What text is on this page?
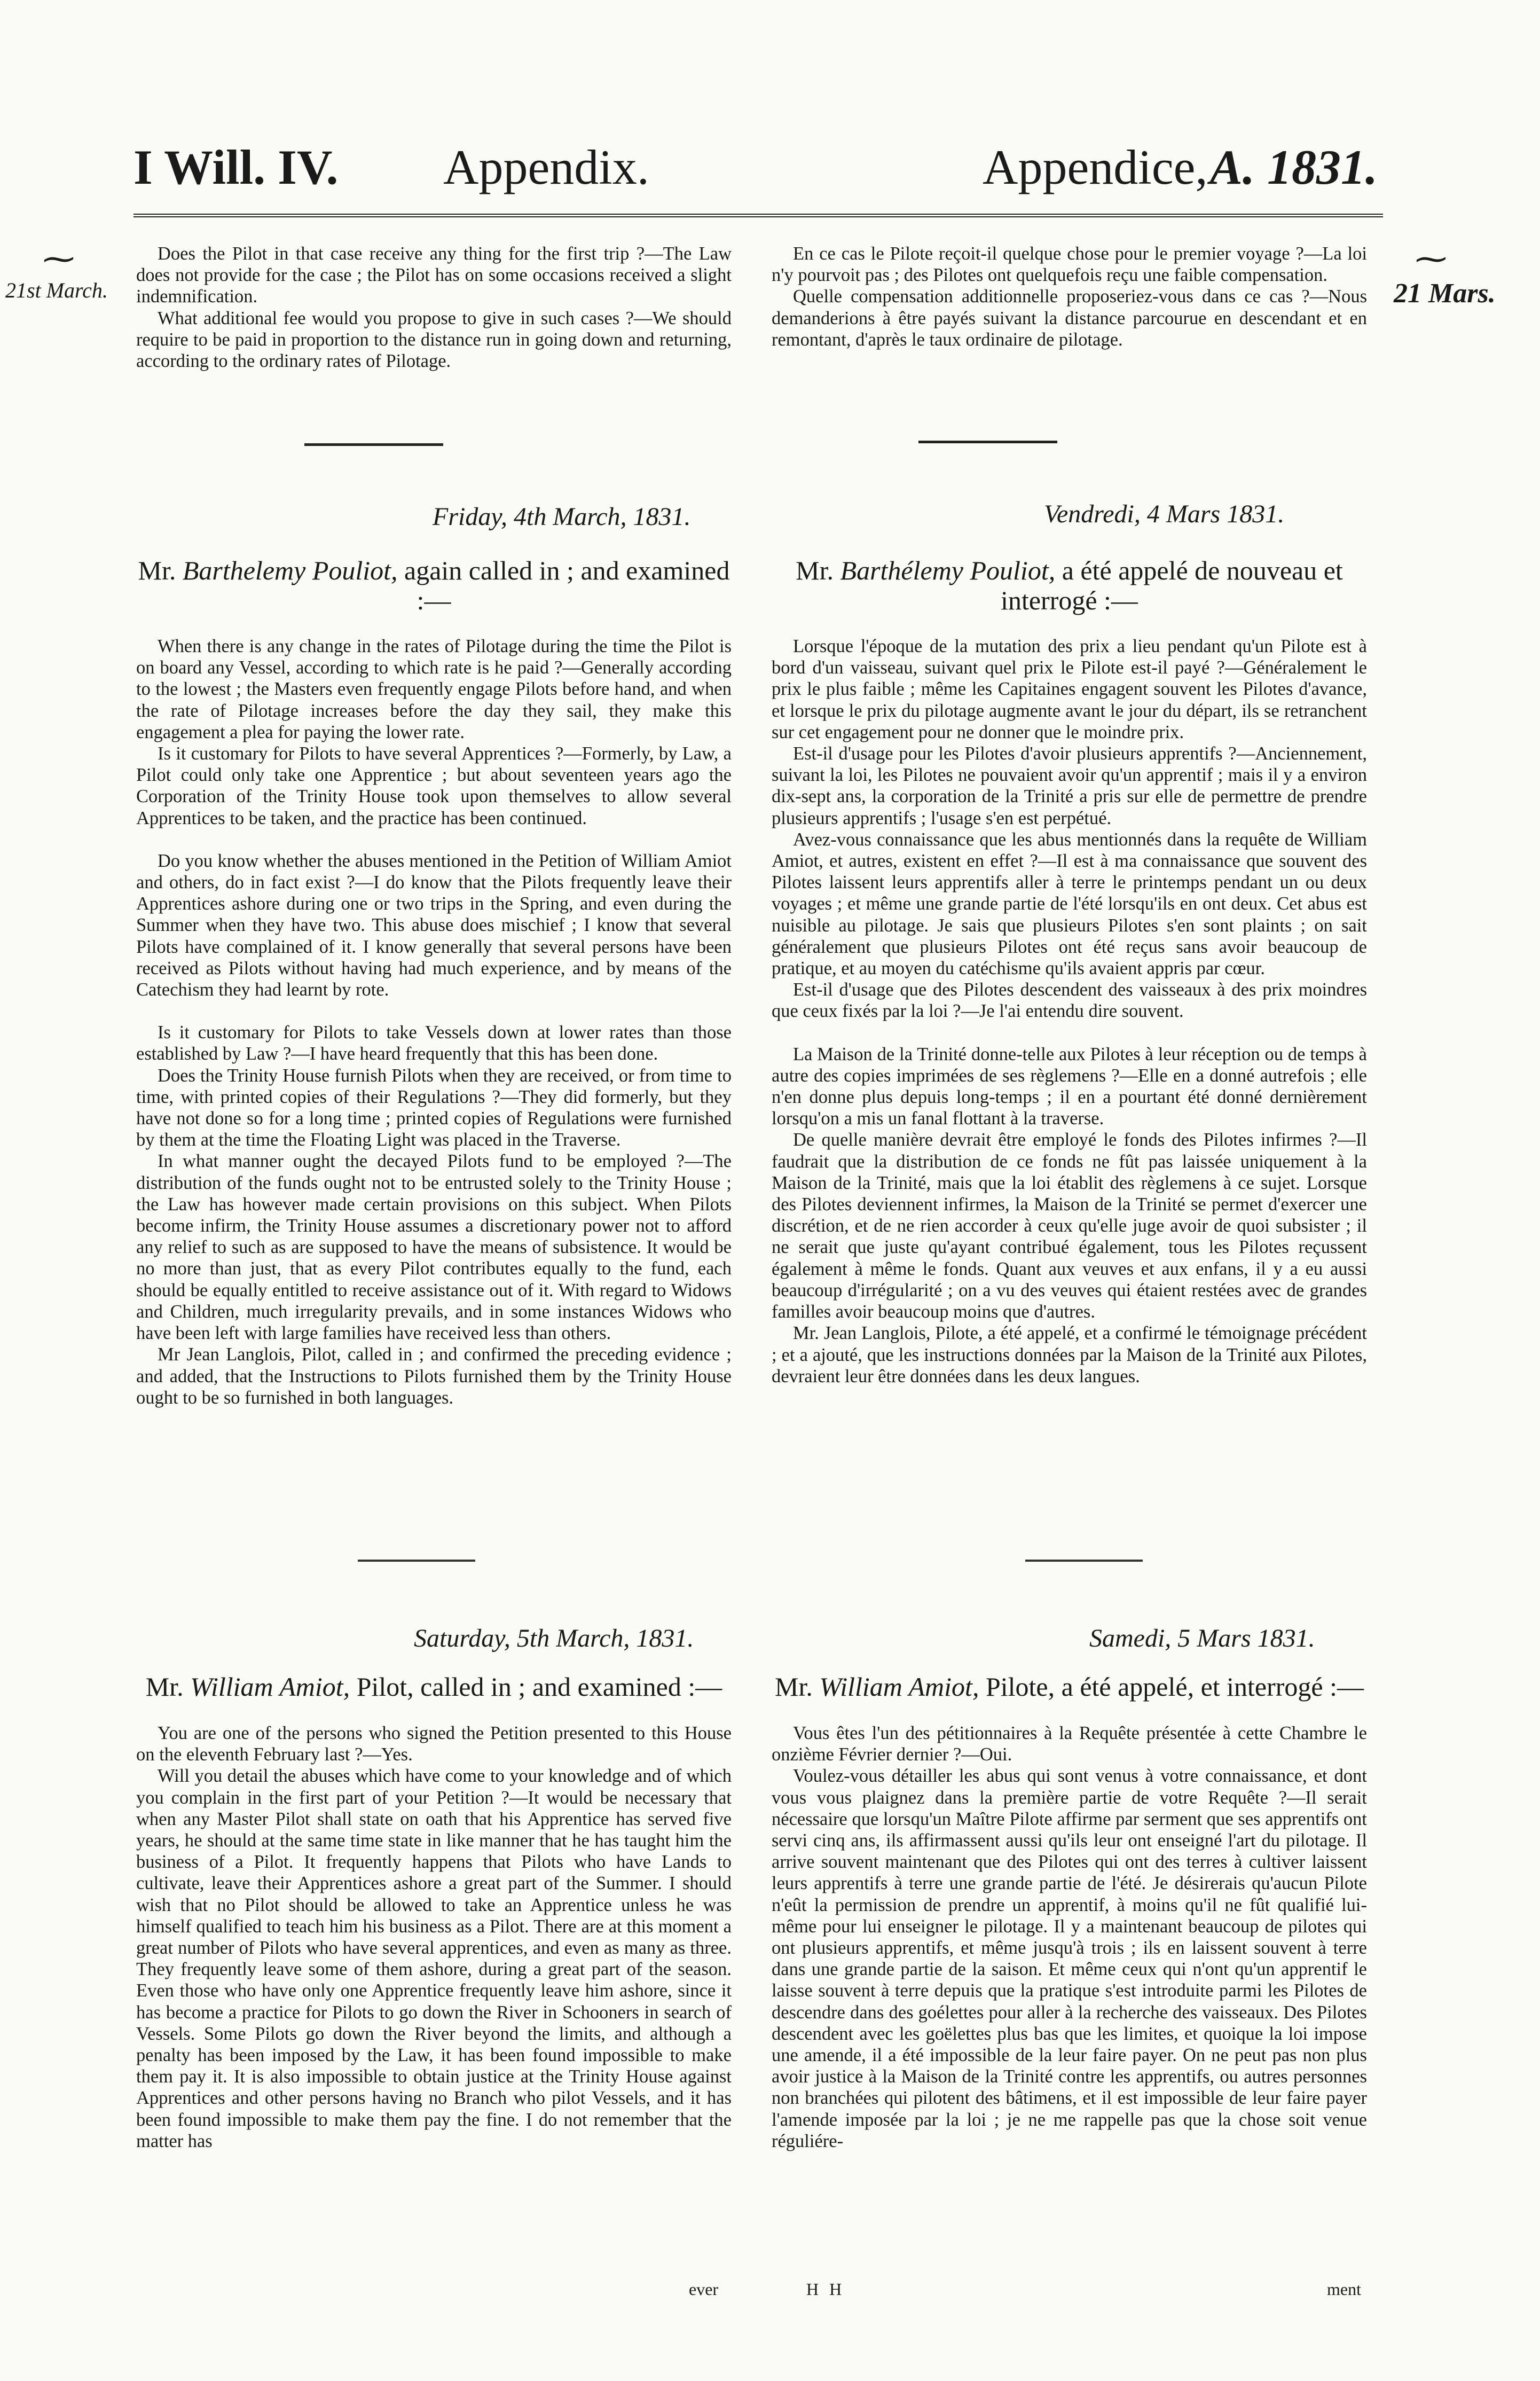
I Will. IV. Appendix.	Appendice, A. 1831.
⁓	⁓
21st March.	21 Mars.

Does the Pilot in that case receive any thing for the first trip ?—The Law does not provide for the case ; the Pilot has on some occasions received a slight indemnification.

What additional fee would you propose to give in such cases ?—We should require to be paid in proportion to the distance run in going down and returning, according to the ordinary rates of Pilotage.

En ce cas le Pilote reçoit-il quelque chose pour le premier voyage ?—La loi n'y pourvoit pas ; des Pilotes ont quelquefois reçu une faible compensation.

Quelle compensation additionnelle proposeriez-vous dans ce cas ?—Nous demanderions à être payés suivant la distance parcourue en descendant et en remontant, d'après le taux ordinaire de pilotage.

Friday, 4th March, 1831.	Vendredi, 4 Mars 1831.
Mr. Barthelemy Pouliot, again called in ; and examined :—
Mr. Barthélemy Pouliot, a été appelé de nouveau et interrogé :—

When there is any change in the rates of Pilotage during the time the Pilot is on board any Vessel, according to which rate is he paid ?—Generally according to the lowest ; the Masters even frequently engage Pilots before hand, and when the rate of Pilotage increases before the day they sail, they make this engagement a plea for paying the lower rate.

Is it customary for Pilots to have several Apprentices ?—Formerly, by Law, a Pilot could only take one Apprentice ; but about seventeen years ago the Corporation of the Trinity House took upon themselves to allow several Apprentices to be taken, and the practice has been continued.

Do you know whether the abuses mentioned in the Petition of William Amiot and others, do in fact exist ?—I do know that the Pilots frequently leave their Apprentices ashore during one or two trips in the Spring, and even during the Summer when they have two. This abuse does mischief ; I know that several Pilots have complained of it. I know generally that several persons have been received as Pilots without having had much experience, and by means of the Catechism they had learnt by rote.

Is it customary for Pilots to take Vessels down at lower rates than those established by Law ?—I have heard frequently that this has been done.

Does the Trinity House furnish Pilots when they are received, or from time to time, with printed copies of their Regulations ?—They did formerly, but they have not done so for a long time ; printed copies of Regulations were furnished by them at the time the Floating Light was placed in the Traverse.

In what manner ought the decayed Pilots fund to be employed ?—The distribution of the funds ought not to be entrusted solely to the Trinity House ; the Law has however made certain provisions on this subject. When Pilots become infirm, the Trinity House assumes a discretionary power not to afford any relief to such as are supposed to have the means of subsistence. It would be no more than just, that as every Pilot contributes equally to the fund, each should be equally entitled to receive assistance out of it. With regard to Widows and Children, much irregularity prevails, and in some instances Widows who have been left with large families have received less than others.

Mr Jean Langlois, Pilot, called in ; and confirmed the preceding evidence ; and added, that the Instructions to Pilots furnished them by the Trinity House ought to be so furnished in both languages.

Lorsque l'époque de la mutation des prix a lieu pendant qu'un Pilote est à bord d'un vaisseau, suivant quel prix le Pilote est-il payé ?—Généralement le prix le plus faible ; même les Capitaines engagent souvent les Pilotes d'avance, et lorsque le prix du pilotage augmente avant le jour du départ, ils se retranchent sur cet engagement pour ne donner que le moindre prix.

Est-il d'usage pour les Pilotes d'avoir plusieurs apprentifs ?—Anciennement, suivant la loi, les Pilotes ne pouvaient avoir qu'un apprentif ; mais il y a environ dix-sept ans, la corporation de la Trinité a pris sur elle de permettre de prendre plusieurs apprentifs ; l'usage s'en est perpétué.

Avez-vous connaissance que les abus mentionnés dans la requête de William Amiot, et autres, existent en effet ?—Il est à ma connaissance que souvent des Pilotes laissent leurs apprentifs aller à terre le printemps pendant un ou deux voyages ; et même une grande partie de l'été lorsqu'ils en ont deux. Cet abus est nuisible au pilotage. Je sais que plusieurs Pilotes s'en sont plaints ; on sait généralement que plusieurs Pilotes ont été reçus sans avoir beaucoup de pratique, et au moyen du catéchisme qu'ils avaient appris par cœur.

Est-il d'usage que des Pilotes descendent des vaisseaux à des prix moindres que ceux fixés par la loi ?—Je l'ai entendu dire souvent.

La Maison de la Trinité donne-telle aux Pilotes à leur réception ou de temps à autre des copies imprimées de ses règlemens ?—Elle en a donné autrefois ; elle n'en donne plus depuis long-temps ; il en a pourtant été donné dernièrement lorsqu'on a mis un fanal flottant à la traverse.

De quelle manière devrait être employé le fonds des Pilotes infirmes ?—Il faudrait que la distribution de ce fonds ne fût pas laissée uniquement à la Maison de la Trinité, mais que la loi établit des règlemens à ce sujet. Lorsque des Pilotes deviennent infirmes, la Maison de la Trinité se permet d'exercer une discrétion, et de ne rien accorder à ceux qu'elle juge avoir de quoi subsister ; il ne serait que juste qu'ayant contribué également, tous les Pilotes reçussent également à même le fonds. Quant aux veuves et aux enfans, il y a eu aussi beaucoup d'irrégularité ; on a vu des veuves qui étaient restées avec de grandes familles avoir beaucoup moins que d'autres.

Mr. Jean Langlois, Pilote, a été appelé, et a confirmé le témoignage précédent ; et a ajouté, que les instructions données par la Maison de la Trinité aux Pilotes, devraient leur être données dans les deux langues.

Saturday, 5th March, 1831.	Samedi, 5 Mars 1831.
Mr. William Amiot, Pilot, called in ; and examined :—	Mr. William Amiot, Pilote, a été appelé, et interrogé :—

You are one of the persons who signed the Petition presented to this House on the eleventh February last ?—Yes.

Will you detail the abuses which have come to your knowledge and of which you complain in the first part of your Petition ?—It would be necessary that when any Master Pilot shall state on oath that his Apprentice has served five years, he should at the same time state in like manner that he has taught him the business of a Pilot. It frequently happens that Pilots who have Lands to cultivate, leave their Apprentices ashore a great part of the Summer. I should wish that no Pilot should be allowed to take an Apprentice unless he was himself qualified to teach him his business as a Pilot. There are at this moment a great number of Pilots who have several apprentices, and even as many as three. They frequently leave some of them ashore, during a great part of the season. Even those who have only one Apprentice frequently leave him ashore, since it has become a practice for Pilots to go down the River in Schooners in search of Vessels. Some Pilots go down the River beyond the limits, and although a penalty has been imposed by the Law, it has been found impossible to make them pay it. It is also impossible to obtain justice at the Trinity House against Apprentices and other persons having no Branch who pilot Vessels, and it has been found impossible to make them pay the fine. I do not remember that the matter has

Vous êtes l'un des pétitionnaires à la Requête présentée à cette Chambre le onzième Février dernier ?—Oui.

Voulez-vous détailler les abus qui sont venus à votre connaissance, et dont vous vous plaignez dans la première partie de votre Requête ?—Il serait nécessaire que lorsqu'un Maître Pilote affirme par serment que ses apprentifs ont servi cinq ans, ils affirmassent aussi qu'ils leur ont enseigné l'art du pilotage. Il arrive souvent maintenant que des Pilotes qui ont des terres à cultiver laissent leurs apprentifs à terre une grande partie de l'été. Je désirerais qu'aucun Pilote n'eût la permission de prendre un apprentif, à moins qu'il ne fût qualifié lui-même pour lui enseigner le pilotage. Il y a maintenant beaucoup de pilotes qui ont plusieurs apprentifs, et même jusqu'à trois ; ils en laissent souvent à terre dans une grande partie de la saison. Et même ceux qui n'ont qu'un apprentif le laisse souvent à terre depuis que la pratique s'est introduite parmi les Pilotes de descendre dans des goélettes pour aller à la recherche des vaisseaux. Des Pilotes descendent avec les goëlettes plus bas que les limites, et quoique la loi impose une amende, il a été impossible de la leur faire payer. On ne peut pas non plus avoir justice à la Maison de la Trinité contre les apprentifs, ou autres personnes non branchées qui pilotent des bâtimens, et il est impossible de leur faire payer l'amende imposée par la loi ; je ne me rappelle pas que la chose soit venue réguliére-

ever	H H	ment
